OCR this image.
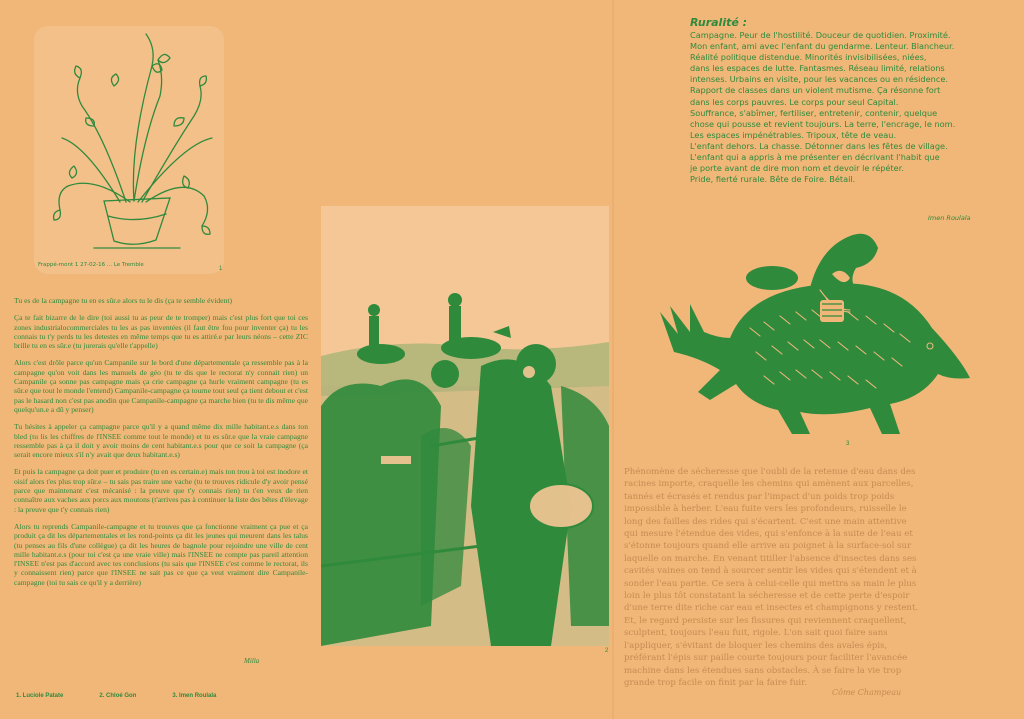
1
Frappé-mont 1 27-02-16 ... Le Tremble

Tu es de la campagne tu en es sûr.e alors tu le dis (ça te semble évident)

Ça te fait bizarre de le dire (toi aussi tu as peur de te tromper) mais c'est plus fort que toi ces zones industrialocommerciales tu les as pas inventées (il faut être fou pour inventer ça) tu les connais tu t'y perds tu les detestes en même temps que tu es attiré.e par leurs néons – cette ZIC brille tu en es sûr.e (tu jurerais qu'elle t'appelle)

Alors c'est drôle parce qu'un Campanile sur le bord d'une départementale ça ressemble pas à la campagne qu'on voit dans les manuels de géo (tu te dis que le rectorat n'y connait rien) un Campanile ça sonne pas campagne mais ça crie campagne ça hurle vraiment campagne (tu es sûr.e que tout le monde l'entend) Campanile-campagne ça tourne tout seul ça tient debout et c'est pas le hasard non c'est pas anodin que Campanile-campagne ça marche bien (tu te dis même que quelqu'un.e a dû y penser)

Tu hésites à appeler ça campagne parce qu'il y a quand même dix mille habitant.e.s dans ton bled (tu lis les chiffres de l'INSEE comme tout le monde) et tu es sûr.e que la vraie campagne ressemble pas à ça il doit y avoir moins de cent habitant.e.s pour que ce soit la campagne (ça serait encore mieux s'il n'y avait que deux habitant.e.s)

Et puis la campagne ça doit puer et produire (tu en es certain.e) mais ton trou à toi est inodore et oisif alors t'es plus trop sûr.e – tu sais pas traire une vache (tu te trouves ridicule d'y avoir pensé parce que maintenant c'est mécanisé : la preuve que t'y connais rien) tu t'en veux de rien connaître aux vaches aux porcs aux moutons (t'arrives pas à continuer la liste des bêtes d'élevage : la preuve que t'y connais rien)

Alors tu reprends Campanile-campagne et tu trouves que ça fonctionne vraiment ça pue et ça produit ça dit les départementales et les rond-points ça dit les jeunes qui meurent dans les talus (tu penses au fils d'une collègue) ça dit les heures de bagnole pour rejoindre une ville de cent mille habitant.e.s (pour toi c'est ça une vraie ville) mais l'INSEE ne compte pas pareil attention l'INSEE n'est pas d'accord avec tes conclusions (tu sais que l'INSEE c'est comme le rectorat, ils y connaissent rien) parce que l'INSEE ne sait pas ce que ça veut vraiment dire Campanile-campagne (toi tu sais ce qu'il y a derrière)

Milla
1. Luciole Patate	2. Chloé Gon	3. Imen Roulala
2
Ruralité :
Campagne. Peur de l'hostilité. Douceur de quotidien. Proximité.
Mon enfant, ami avec l'enfant du gendarme. Lenteur. Blancheur.
Réalité politique distendue. Minorités invisibilisées, niées,
dans les espaces de lutte. Fantasmes. Réseau limité, relations
intenses. Urbains en visite, pour les vacances ou en résidence.
Rapport de classes dans un violent mutisme. Ça résonne fort
dans les corps pauvres. Le corps pour seul Capital.
Souffrance, s'abîmer, fertiliser, entretenir, contenir, quelque
chose qui pousse et revient toujours. La terre, l'encrage, le nom.
Les espaces impénétrables. Tripoux, tête de veau.
L'enfant dehors. La chasse. Détonner dans les fêtes de village.
L'enfant qui a appris à me présenter en décrivant l'habit que
je porte avant de dire mon nom et devoir le répéter.
Pride, fierté rurale. Bête de Foire. Bétail.
Imen Roulala
3
Phénomène de sécheresse que l'oubli de la retenue d'eau dans des
racines importe, craquelle les chemins qui amènent aux parcelles,
tannés et écrasés et rendus par l'impact d'un poids trop poids
impossible à herber. L'eau fuite vers les profondeurs, ruisselle le
long des failles des rides qui s'écartent. C'est une main attentive
qui mesure l'étendue des vides, qui s'enfonce à la suite de l'eau et
s'étonne toujours quand elle arrive au poignet à la surface-sol sur
laquelle on marche. En venant titiller l'absence d'insectes dans ses
cavités vaines on tend à sourcer sentir les vides qui s'étendent et à
sonder l'eau partie. Ce sera à celui-celle qui mettra sa main le plus
loin le plus tôt constatant la sécheresse et de cette perte d'espoir
d'une terre dite riche car eau et insectes et champignons y restent.
Et, le regard persiste sur les fissures qui reviennent craquellent,
sculptent, toujours l'eau fuit, rigole. L'on sait quoi faire sans
l'appliquer, s'évitant de bloquer les chemins des avales épis,
préférant l'épis sur paille courte toujours pour faciliter l'avancée
machine dans les étendues sans obstacles. À se faire la vie trop
grande trop facile on finit par la faire fuir.
Côme Champeau
